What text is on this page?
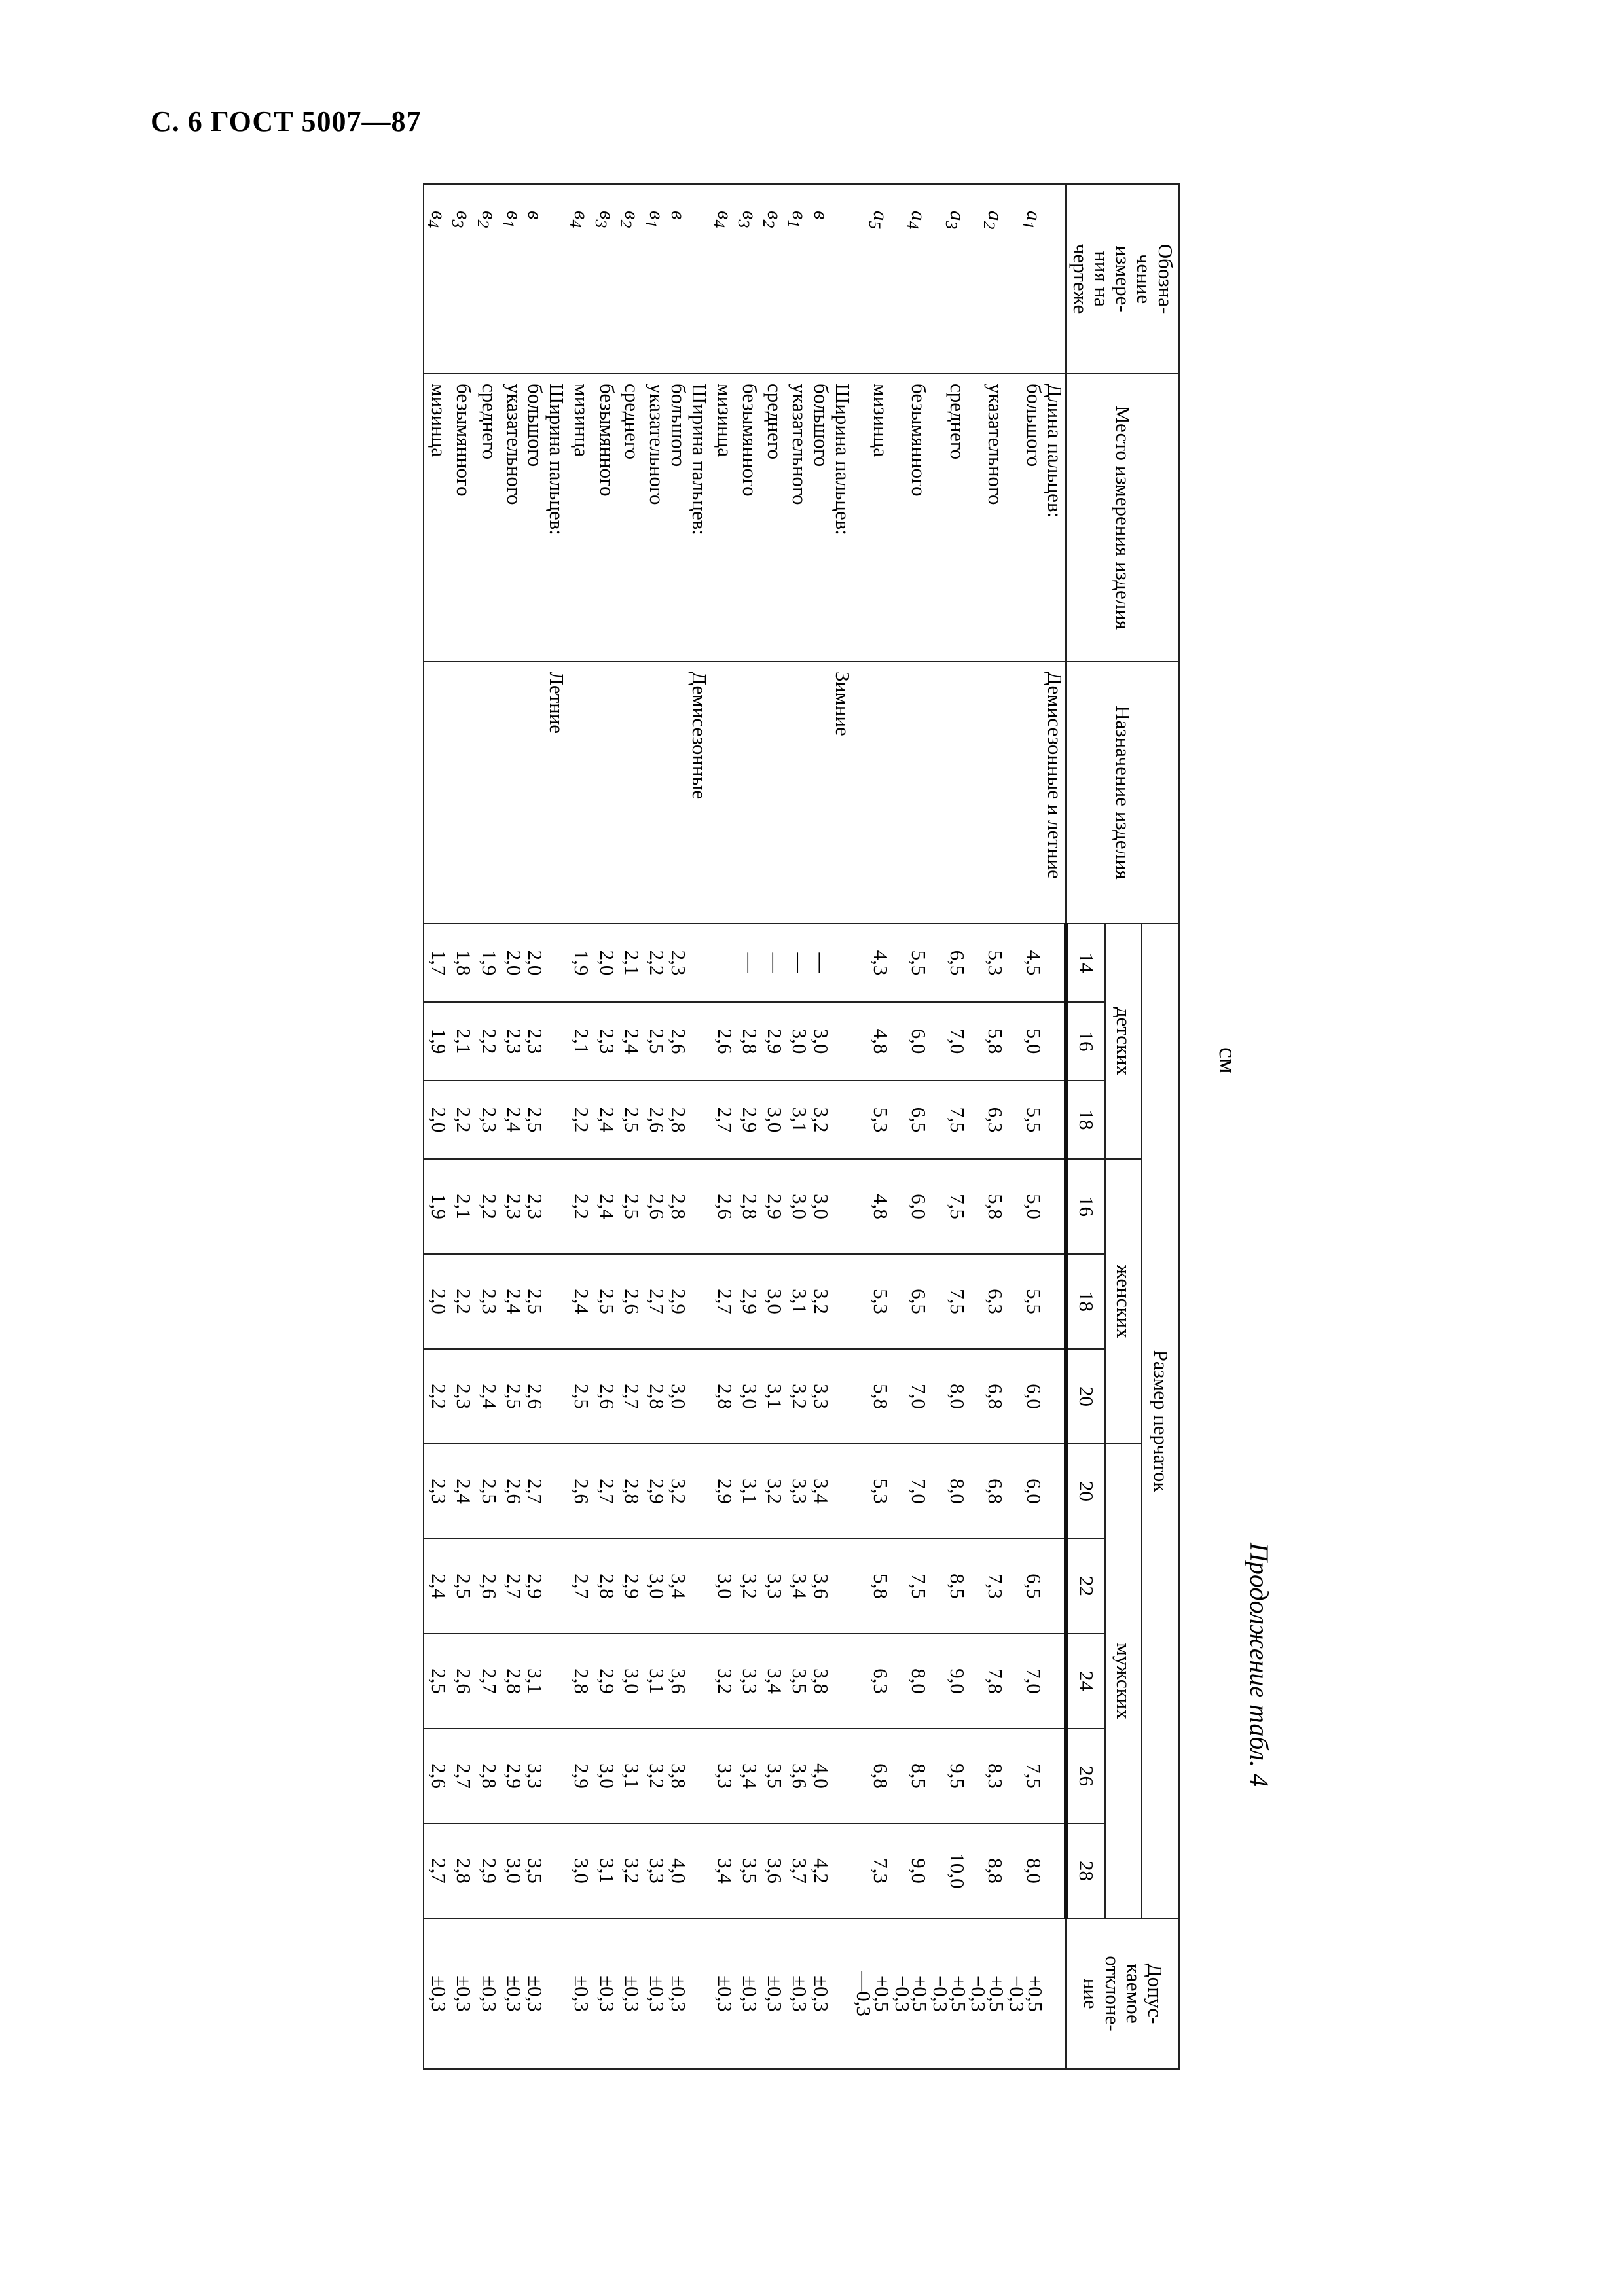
С. 6 ГОСТ 5007—87
Продолжение табл. 4
см
Обозна-
чение
измере-
ния на
чертеже	Место измерения изделия	Назначение изделия	Размер перчаток											Допус-
каемое
отклоне-
ние
			детских			женских			мужских					
			14	16	18	16	18	20	20	22	24	26	28	
	Длина пальцев:	Демисезонные и летние												
$a_1$	большого		4,5	5,0	5,5	5,0	5,5	6,0	6,0	6,5	7,0	7,5	8,0	+0,5
−0,3
$a_2$	указательного		5,3	5,8	6,3	5,8	6,3	6,8	6,8	7,3	7,8	8,3	8,8	+0,5
−0,3
$a_3$	среднего		6,5	7,0	7,5	7,5	7,5	8,0	8,0	8,5	9,0	9,5	10,0	+0,5
−0,3
$a_4$	безымянного		5,5	6,0	6,5	6,0	6,5	7,0	7,0	7,5	8,0	8,5	9,0	+0,5
−0,3
$a_5$	мизинца		4,3	4,8	5,3	4,8	5,3	5,8	5,3	5,8	6,3	6,8	7,3	+0,5
—0,3
	Ширина пальцев:	Зимние												
в	большого		—	3,0	3,2	3,0	3,2	3,3	3,4	3,6	3,8	4,0	4,2	±0,3
$в_1$	указательного		—	3,0	3,1	3,0	3,1	3,2	3,3	3,4	3,5	3,6	3,7	±0,3
$в_2$	среднего		—	2,9	3,0	2,9	3,0	3,1	3,2	3,3	3,4	3,5	3,6	±0,3
$в_3$	безымянного		—	2,8	2,9	2,8	2,9	3,0	3,1	3,2	3,3	3,4	3,5	±0,3
$в_4$	мизинца			2,6	2,7	2,6	2,7	2,8	2,9	3,0	3,2	3,3	3,4	±0,3
	Ширина пальцев:	Демисезонные												
в	большого		2,3	2,6	2,8	2,8	2,9	3,0	3,2	3,4	3,6	3,8	4,0	±0,3
$в_1$	указательного		2,2	2,5	2,6	2,6	2,7	2,8	2,9	3,0	3,1	3,2	3,3	±0,3
$в_2$	среднего		2,1	2,4	2,5	2,5	2,6	2,7	2,8	2,9	3,0	3,1	3,2	±0,3
$в_3$	безымянного		2,0	2,3	2,4	2,4	2,5	2,6	2,7	2,8	2,9	3,0	3,1	±0,3
$в_4$	мизинца		1,9	2,1	2,2	2,2	2,4	2,5	2,6	2,7	2,8	2,9	3,0	±0,3
	Ширина пальцев:	Летние												
в	большого		2,0	2,3	2,5	2,3	2,5	2,6	2,7	2,9	3,1	3,3	3,5	±0,3
$в_1$	указательного		2,0	2,3	2,4	2,3	2,4	2,5	2,6	2,7	2,8	2,9	3,0	±0,3
$в_2$	среднего		1,9	2,2	2,3	2,2	2,3	2,4	2,5	2,6	2,7	2,8	2,9	±0,3
$в_3$	безымянного		1,8	2,1	2,2	2,1	2,2	2,3	2,4	2,5	2,6	2,7	2,8	±0,3
$в_4$	мизинца		1,7	1,9	2,0	1,9	2,0	2,2	2,3	2,4	2,5	2,6	2,7	±0,3
